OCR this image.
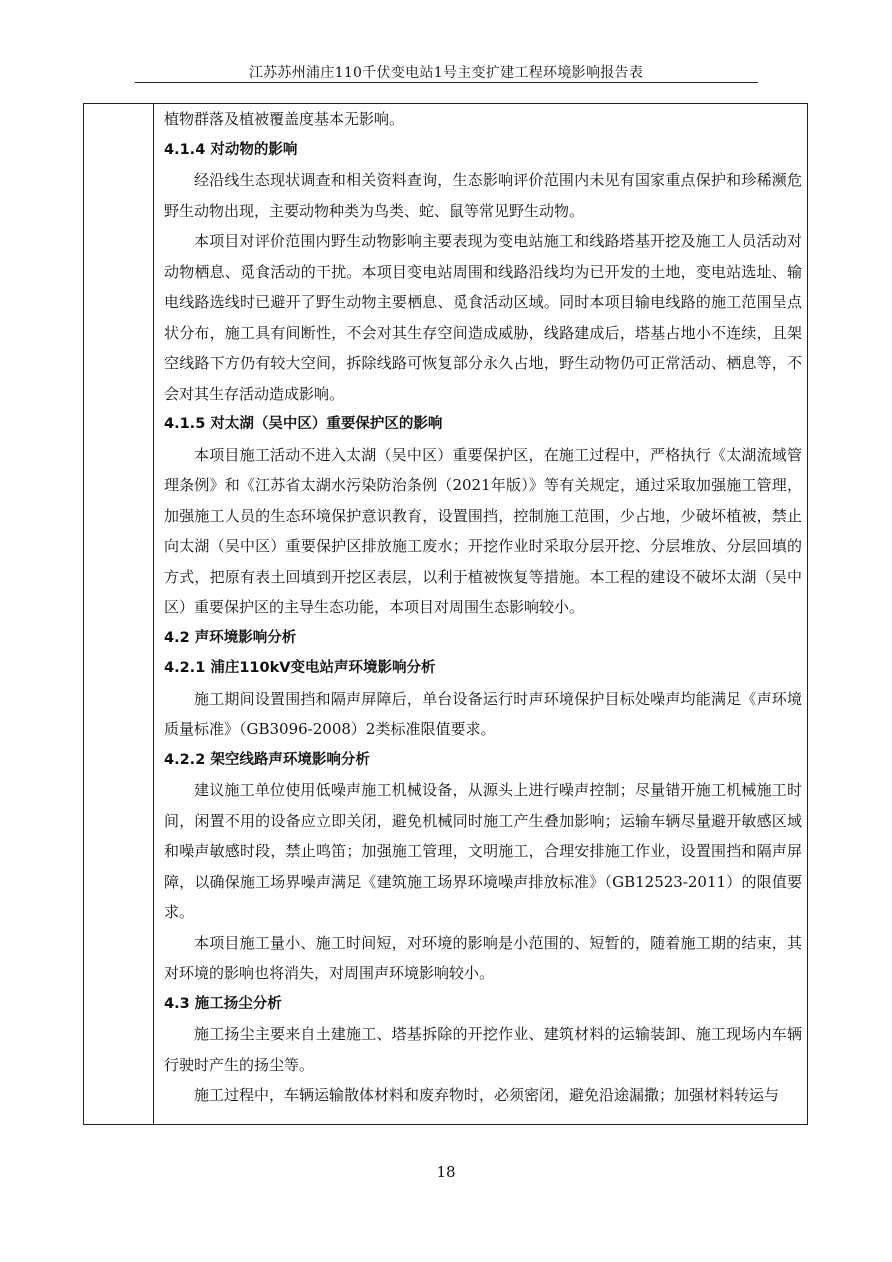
江苏苏州浦庄110千伏变电站1号主变扩建工程环境影响报告表

植物群落及植被覆盖度基本无影响。

4.1.4 对动物的影响

经沿线生态现状调查和相关资料查询，生态影响评价范围内未见有国家重点保护和珍稀濒危野生动物出现，主要动物种类为鸟类、蛇、鼠等常见野生动物。

本项目对评价范围内野生动物影响主要表现为变电站施工和线路塔基开挖及施工人员活动对动物栖息、觅食活动的干扰。本项目变电站周围和线路沿线均为已开发的土地，变电站选址、输电线路选线时已避开了野生动物主要栖息、觅食活动区域。同时本项目输电线路的施工范围呈点状分布，施工具有间断性，不会对其生存空间造成威胁，线路建成后，塔基占地小不连续，且架空线路下方仍有较大空间，拆除线路可恢复部分永久占地，野生动物仍可正常活动、栖息等，不会对其生存活动造成影响。

4.1.5 对太湖（吴中区）重要保护区的影响

本项目施工活动不进入太湖（吴中区）重要保护区，在施工过程中，严格执行《太湖流域管理条例》和《江苏省太湖水污染防治条例（2021年版）》等有关规定，通过采取加强施工管理，加强施工人员的生态环境保护意识教育，设置围挡，控制施工范围，少占地，少破坏植被，禁止向太湖（吴中区）重要保护区排放施工废水；开挖作业时采取分层开挖、分层堆放、分层回填的方式，把原有表土回填到开挖区表层，以利于植被恢复等措施。本工程的建设不破坏太湖（吴中区）重要保护区的主导生态功能，本项目对周围生态影响较小。

4.2 声环境影响分析

4.2.1 浦庄110kV变电站声环境影响分析

施工期间设置围挡和隔声屏障后，单台设备运行时声环境保护目标处噪声均能满足《声环境质量标准》（GB3096-2008）2类标准限值要求。

4.2.2 架空线路声环境影响分析

建议施工单位使用低噪声施工机械设备，从源头上进行噪声控制；尽量错开施工机械施工时间，闲置不用的设备应立即关闭，避免机械同时施工产生叠加影响；运输车辆尽量避开敏感区域和噪声敏感时段，禁止鸣笛；加强施工管理，文明施工，合理安排施工作业，设置围挡和隔声屏障，以确保施工场界噪声满足《建筑施工场界环境噪声排放标准》（GB12523-2011）的限值要求。

本项目施工量小、施工时间短，对环境的影响是小范围的、短暂的，随着施工期的结束，其对环境的影响也将消失，对周围声环境影响较小。

4.3 施工扬尘分析

施工扬尘主要来自土建施工、塔基拆除的开挖作业、建筑材料的运输装卸、施工现场内车辆行驶时产生的扬尘等。

施工过程中，车辆运输散体材料和废弃物时，必须密闭，避免沿途漏撒；加强材料转运与

18
